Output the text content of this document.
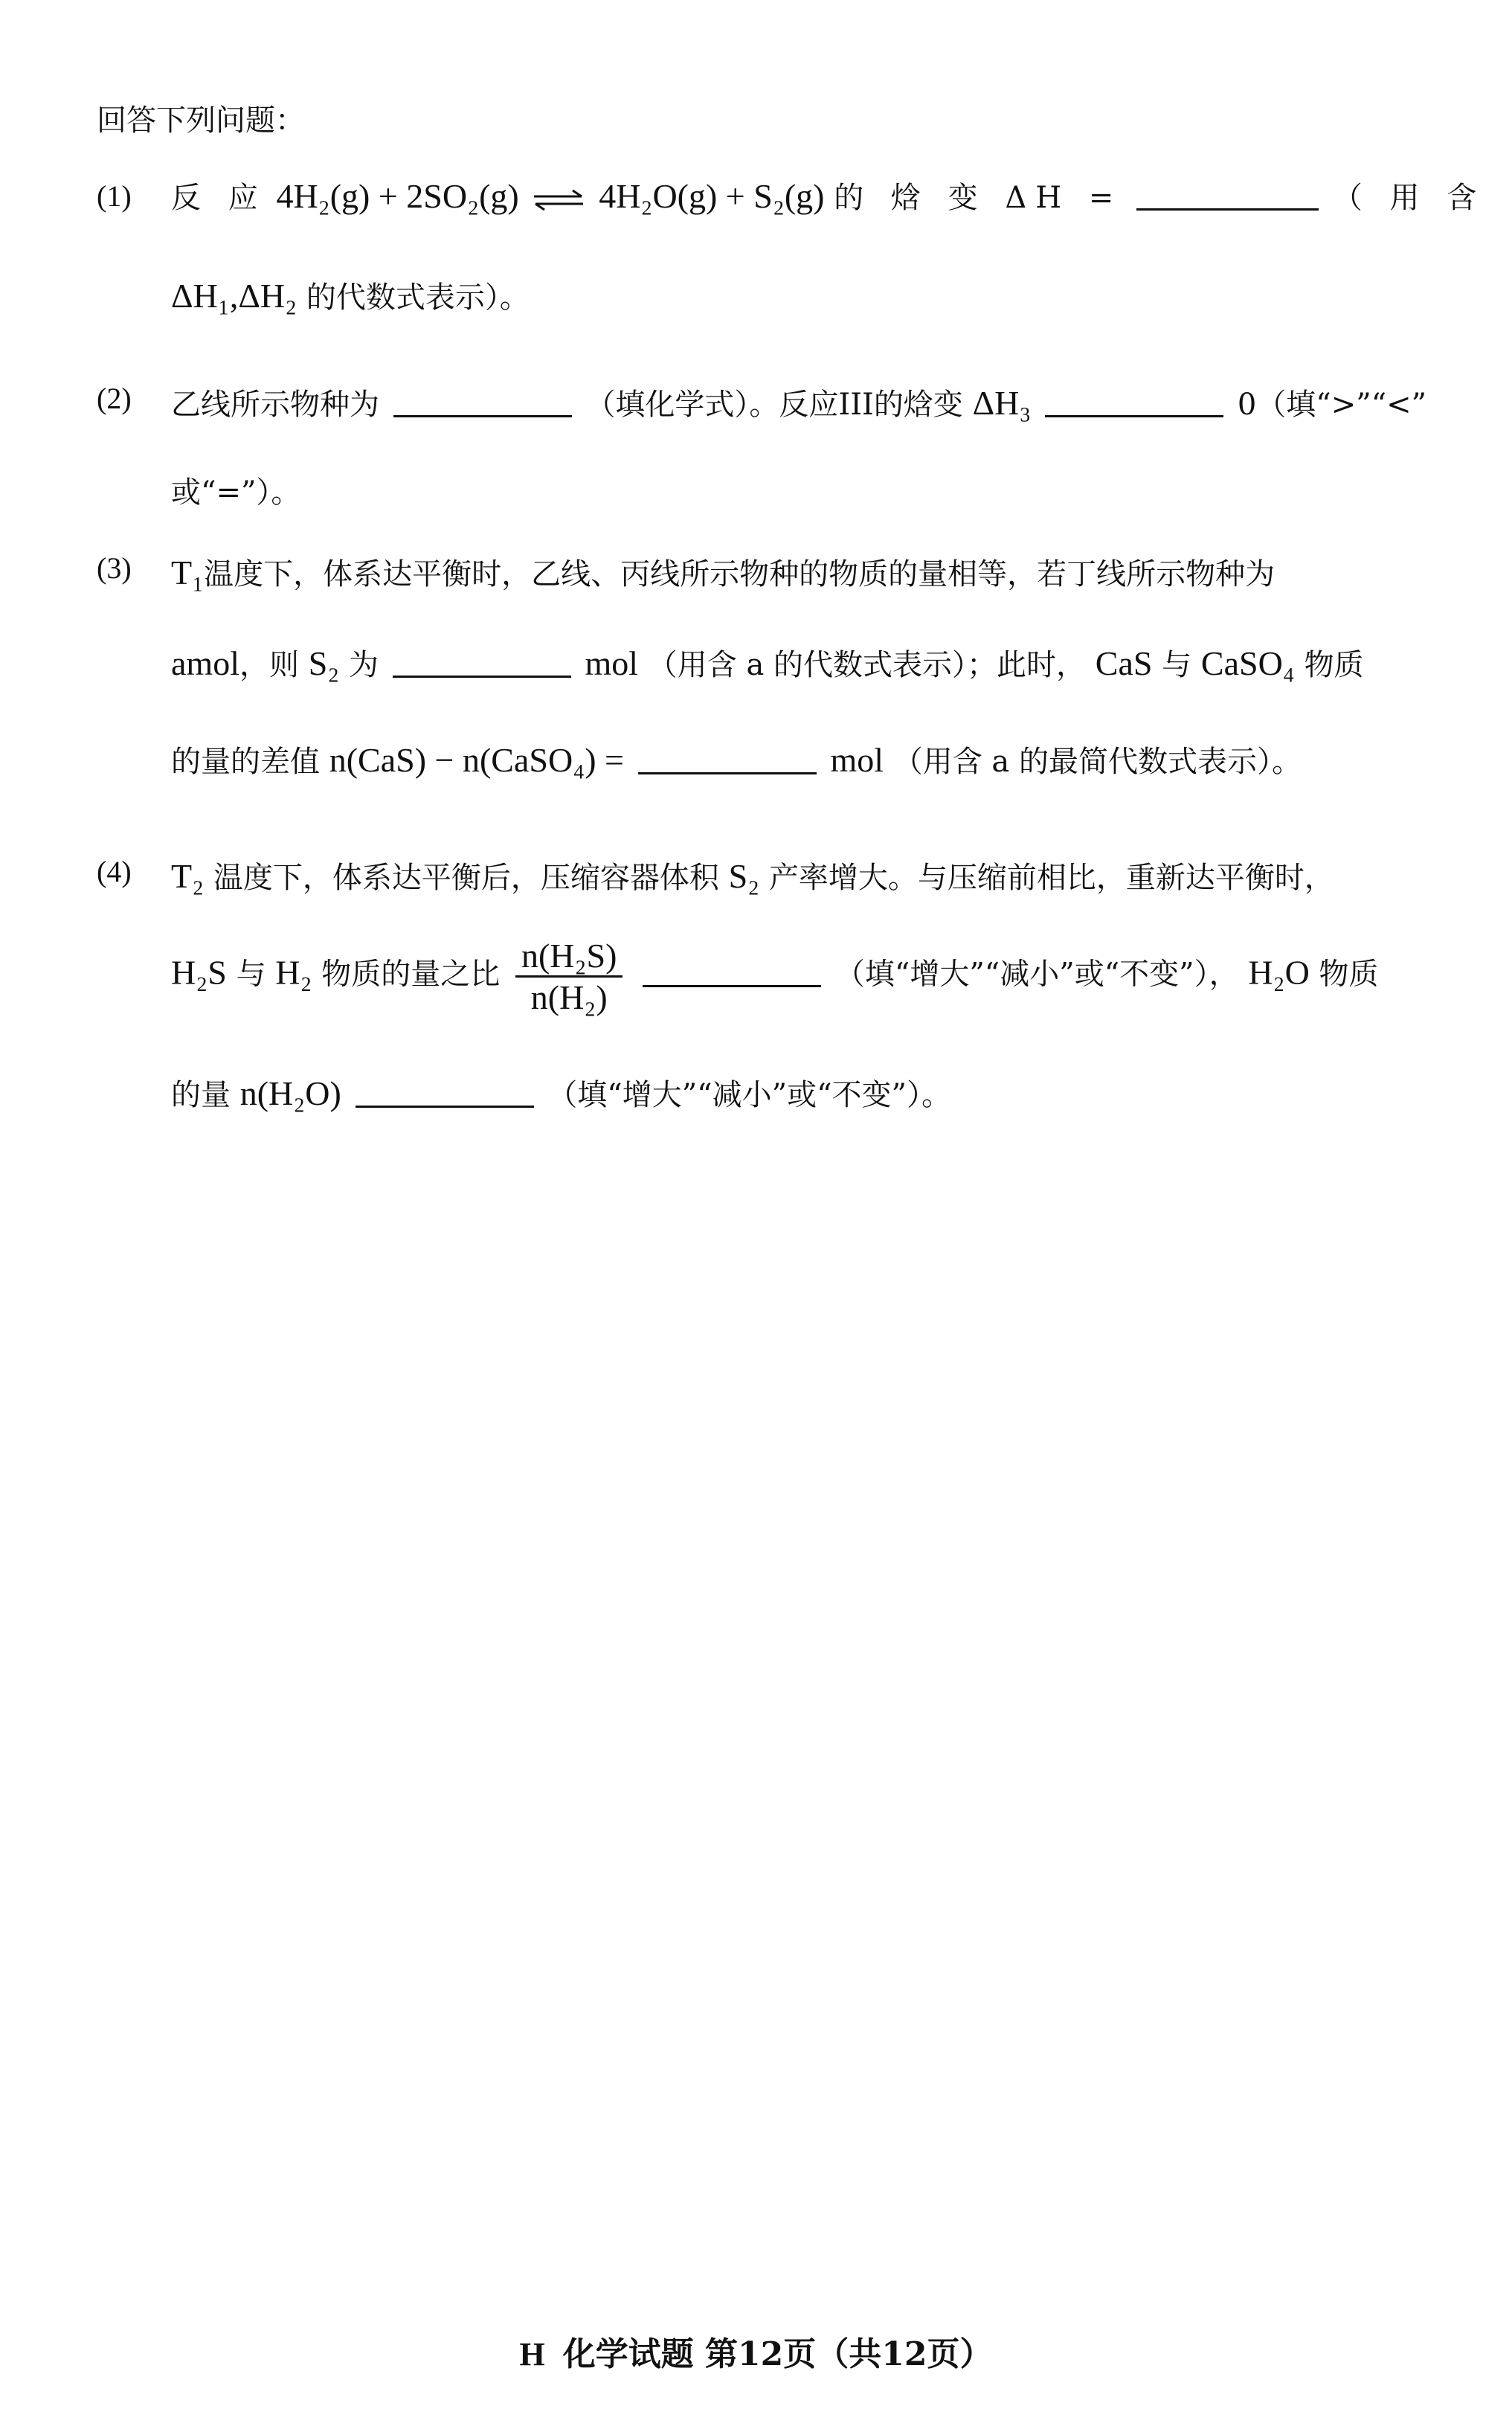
回答下列问题：
(1) 反 应 4H₂(g) + 2SO₂(g) ⇌ 4H₂O(g) + S₂(g) 的 焓 变 ΔH =	（ 用 含
ΔH₁,ΔH₂ 的代数式表示）。
(2) 乙线所示物种为	（填化学式）。反应III的焓变 ΔH₃	0（填“>”“<”
或“=”）。
(3) T₁温度下，体系达平衡时，乙线、丙线所示物种的物质的量相等，若丁线所示物种为
amol，则 S₂ 为	mol （用含 a 的代数式表示）；此时， CaS 与 CaSO₄ 物质
的量的差值 n(CaS) − n(CaSO₄) =	mol （用含 a 的最简代数式表示）。
(4) T₂ 温度下，体系达平衡后，压缩容器体积 S₂ 产率增大。与压缩前相比，重新达平衡时，
H₂S 与 H₂ 物质的量之比 $\frac{\text{n(H₂S)}}{\text{n(H₂)}}$	（填“增大”“减小”或“不变”）， H₂O 物质
的量 n(H₂O)	（填“增大”“减小”或“不变”）。
H 化学试题 第12页（共12页）
